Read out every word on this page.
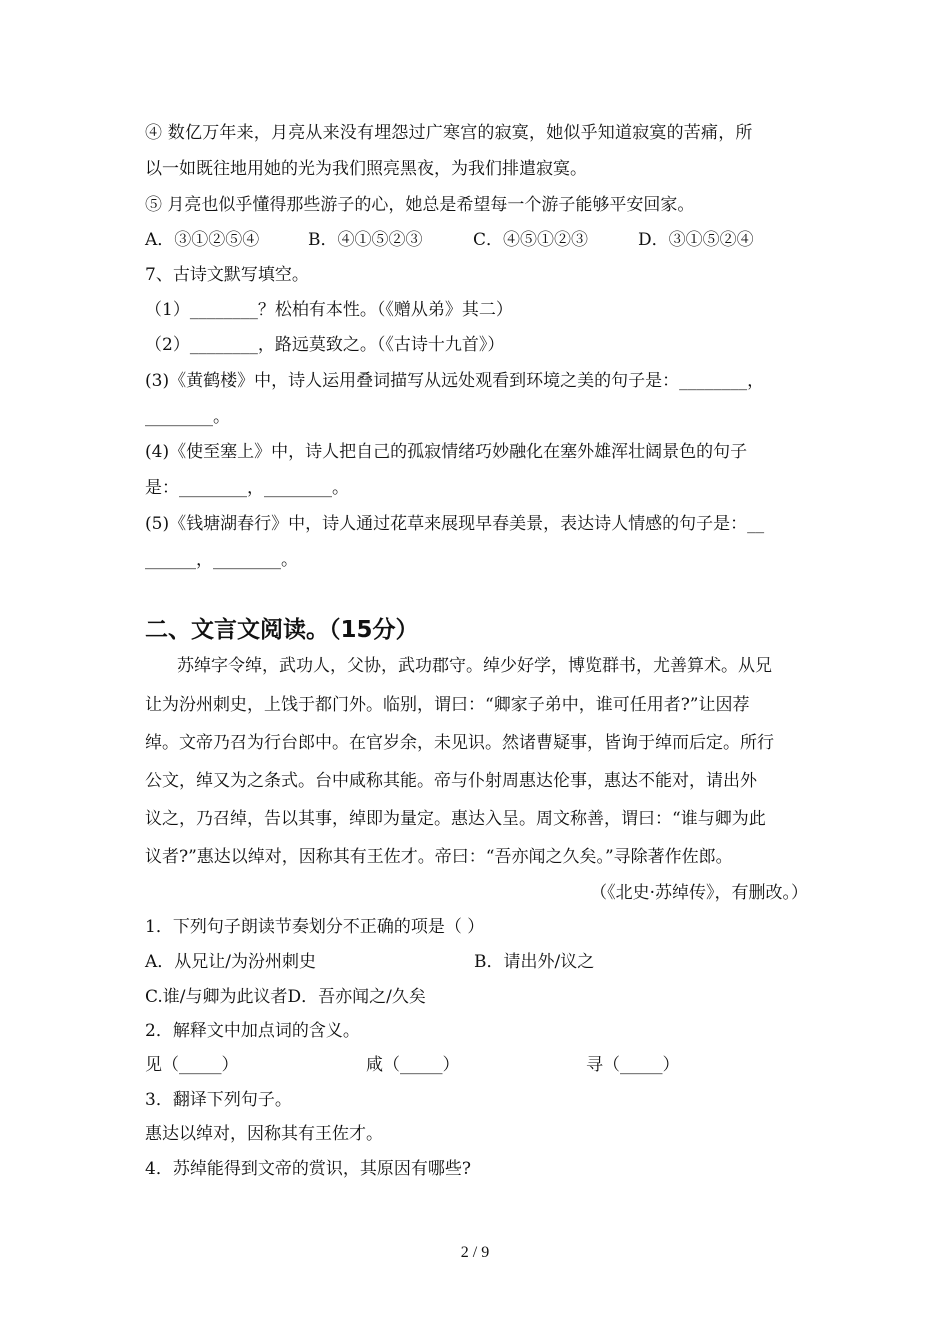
④ 数亿万年来，月亮从来没有埋怨过广寒宫的寂寞，她似乎知道寂寞的苦痛，所
以一如既往地用她的光为我们照亮黑夜，为我们排遣寂寞。
⑤ 月亮也似乎懂得那些游子的心，她总是希望每一个游子能够平安回家。
A．③①②⑤④	B．④①⑤②③	C．④⑤①②③	D．③①⑤②④
7、古诗文默写填空。
（1）________？松柏有本性。（《赠从弟》其二）
（2）________，路远莫致之。（《古诗十九首》）
(3)《黄鹤楼》中，诗人运用叠词描写从远处观看到环境之美的句子是：________，
________。
(4)《使至塞上》中，诗人把自己的孤寂情绪巧妙融化在塞外雄浑壮阔景色的句子
是：________，________。
(5)《钱塘湖春行》中，诗人通过花草来展现早春美景，表达诗人情感的句子是：__
______，________。
二、文言文阅读。（15分）
苏绰字令绰，武功人，父协，武功郡守。绰少好学，博览群书，尤善算术。从兄
让为汾州刺史，上饯于都门外。临别，谓曰：“卿家子弟中，谁可任用者?”让因荐
绰。文帝乃召为行台郎中。在官岁余，未见识。然诸曹疑事，皆询于绰而后定。所行
公文，绰又为之条式。台中咸称其能。帝与仆射周惠达伦事，惠达不能对，请出外
议之，乃召绰，告以其事，绰即为量定。惠达入呈。周文称善，谓曰：“谁与卿为此
议者?”惠达以绰对，因称其有王佐才。帝曰：“吾亦闻之久矣。”寻除著作佐郎。
（《北史·苏绰传》，有删改。）
1．下列句子朗读节奏划分不正确的项是（ ）
A．从兄让/为汾州刺史	B．请出外/议之
C.谁/与卿为此议者D．吾亦闻之/久矣
2．解释文中加点词的含义。
见（_____）	咸（_____）	寻（_____）
3．翻译下列句子。
惠达以绰对，因称其有王佐才。
4．苏绰能得到文帝的赏识，其原因有哪些?
2 / 9
